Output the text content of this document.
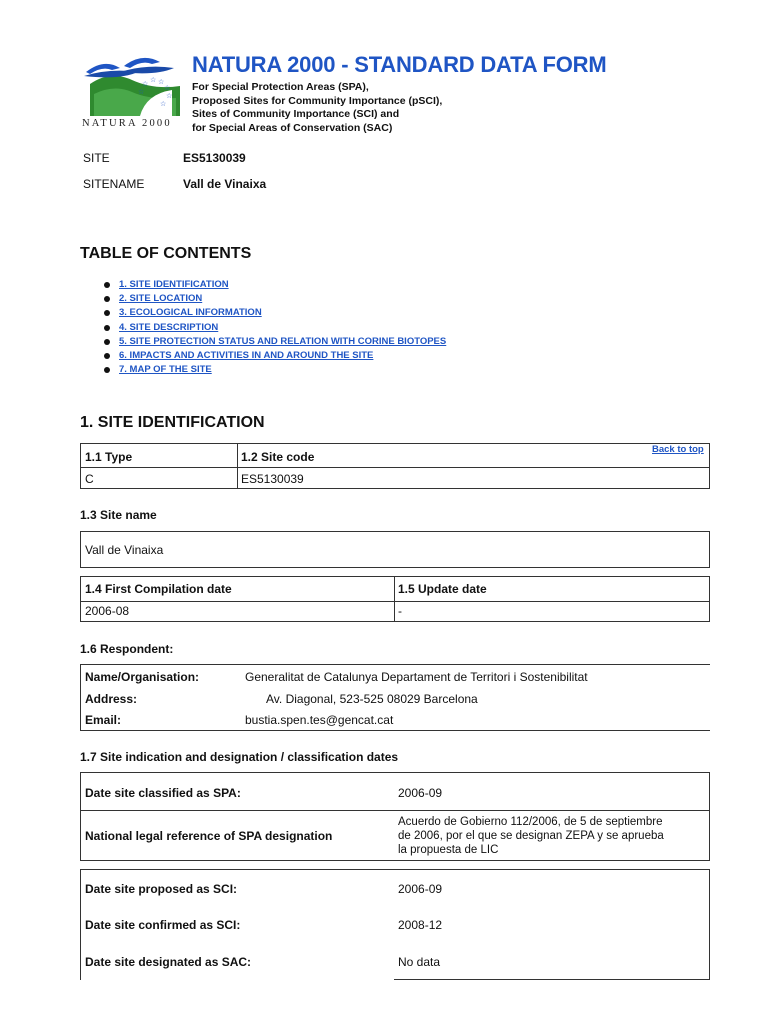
☆
☆ ☆
☆
☆
☆
☆
NATURA 2000
NATURA 2000 - STANDARD DATA FORM
For Special Protection Areas (SPA),
Proposed Sites for Community Importance (pSCI),
Sites of Community Importance (SCI) and
for Special Areas of Conservation (SAC)
SITE	ES5130039
SITENAME	Vall de Vinaixa
TABLE OF CONTENTS
1. SITE IDENTIFICATION
2. SITE LOCATION
3. ECOLOGICAL INFORMATION
4. SITE DESCRIPTION
5. SITE PROTECTION STATUS AND RELATION WITH CORINE BIOTOPES
6. IMPACTS AND ACTIVITIES IN AND AROUND THE SITE
7. MAP OF THE SITE
1. SITE IDENTIFICATION
Back to top
1.1 Type	1.2 Site code
C	ES5130039
1.3 Site name
Vall de Vinaixa
1.4 First Compilation date	1.5 Update date
2006-08	-
1.6 Respondent:
Name/Organisation:	Generalitat de Catalunya Departament de Territori i Sostenibilitat
Address:	Av. Diagonal, 523-525 08029 Barcelona
Email:	bustia.spen.tes@gencat.cat
1.7 Site indication and designation / classification dates
Date site classified as SPA:	2006-09
National legal reference of SPA designation
Acuerdo de Gobierno 112/2006, de 5 de septiembre
de 2006, por el que se designan ZEPA y se aprueba
la propuesta de LIC
Date site proposed as SCI:	2006-09
Date site confirmed as SCI:	2008-12
Date site designated as SAC:	No data
